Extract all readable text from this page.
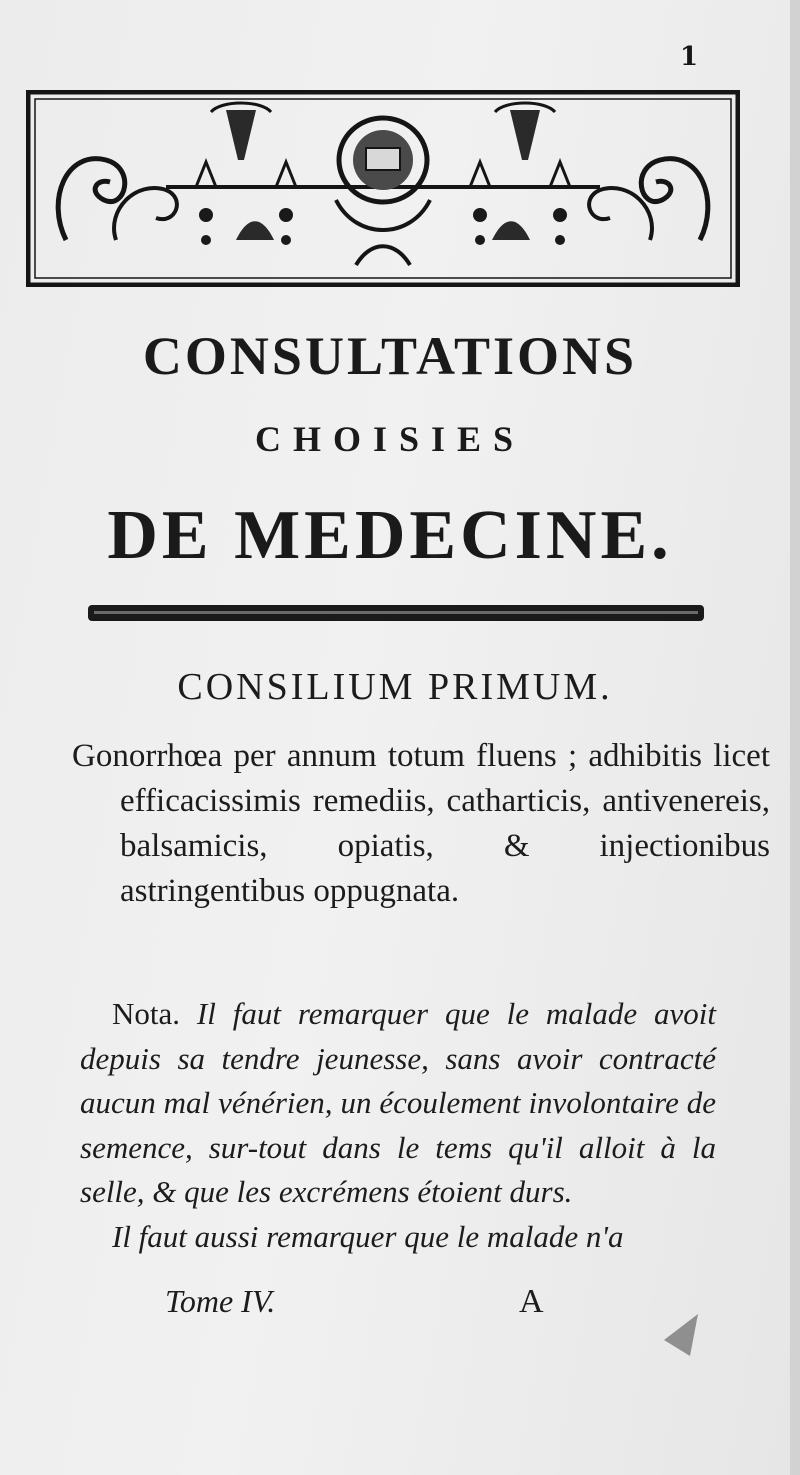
1
CONSULTATIONS
CHOISIES
DE MEDECINE.
CONSILIUM PRIMUM.
Gonorrhœa per annum totum fluens ; adhibitis licet efficacissimis remediis, catharticis, antivenereis, balsamicis, opiatis, & injectionibus astringentibus oppugnata.

Nota. Il faut remarquer que le malade avoit depuis sa tendre jeunesse, sans avoir contracté aucun mal vénérien, un écoulement involontaire de semence, sur-tout dans le tems qu'il alloit à la selle, & que les excrémens étoient durs.

Il faut aussi remarquer que le malade n'a

Tome IV.	A
